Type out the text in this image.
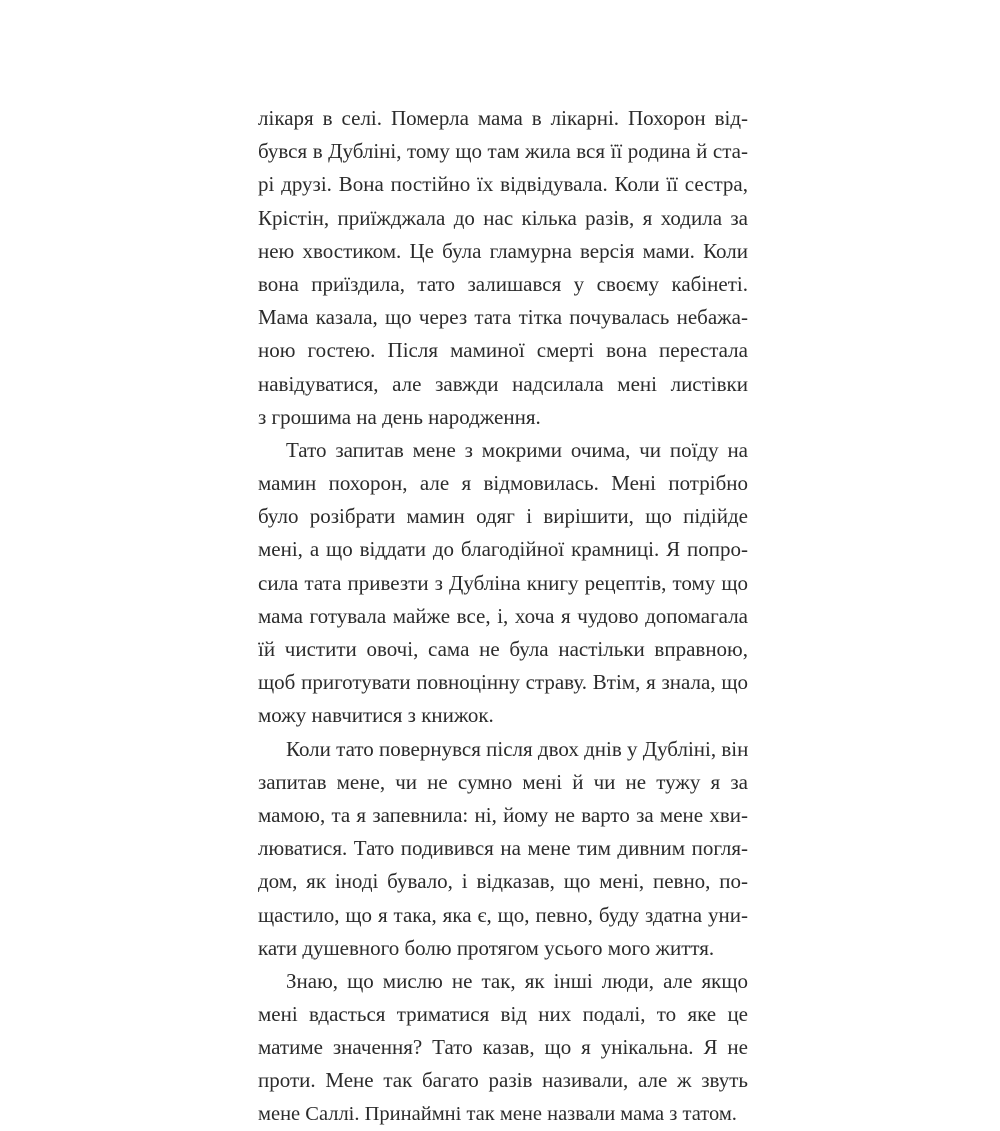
лікаря в селі. Померла мама в лікарні. Похорон від-
бувся в Дубліні, тому що там жила вся її родина й ста-
рі друзі. Вона постійно їх відвідувала. Коли її сестра,
Крістін, приїжджала до нас кілька разів, я ходила за
нею хвостиком. Це була гламурна версія мами. Коли
вона приїздила, тато залишався у своєму кабінеті.
Мама казала, що через тата тітка почувалась небажа-
ною гостею. Після маминої смерті вона перестала
навідуватися, але завжди надсилала мені листівки
з грошима на день народження.
Тато запитав мене з мокрими очима, чи поїду на
мамин похорон, але я відмовилась. Мені потрібно
було розібрати мамин одяг і вирішити, що підійде
мені, а що віддати до благодійної крамниці. Я попро-
сила тата привезти з Дубліна книгу рецептів, тому що
мама готувала майже все, і, хоча я чудово допомагала
їй чистити овочі, сама не була настільки вправною,
щоб приготувати повноцінну страву. Втім, я знала, що
можу навчитися з книжок.
Коли тато повернувся після двох днів у Дубліні, він
запитав мене, чи не сумно мені й чи не тужу я за
мамою, та я запевнила: ні, йому не варто за мене хви-
люватися. Тато подивився на мене тим дивним погля-
дом, як іноді бувало, і відказав, що мені, певно, по-
щастило, що я така, яка є, що, певно, буду здатна уни-
кати душевного болю протягом усього мого життя.
Знаю, що мислю не так, як інші люди, але якщо
мені вдасться триматися від них подалі, то яке це
матиме значення? Тато казав, що я унікальна. Я не
проти. Мене так багато разів називали, але ж звуть
мене Саллі. Принаймні так мене назвали мама з татом.
